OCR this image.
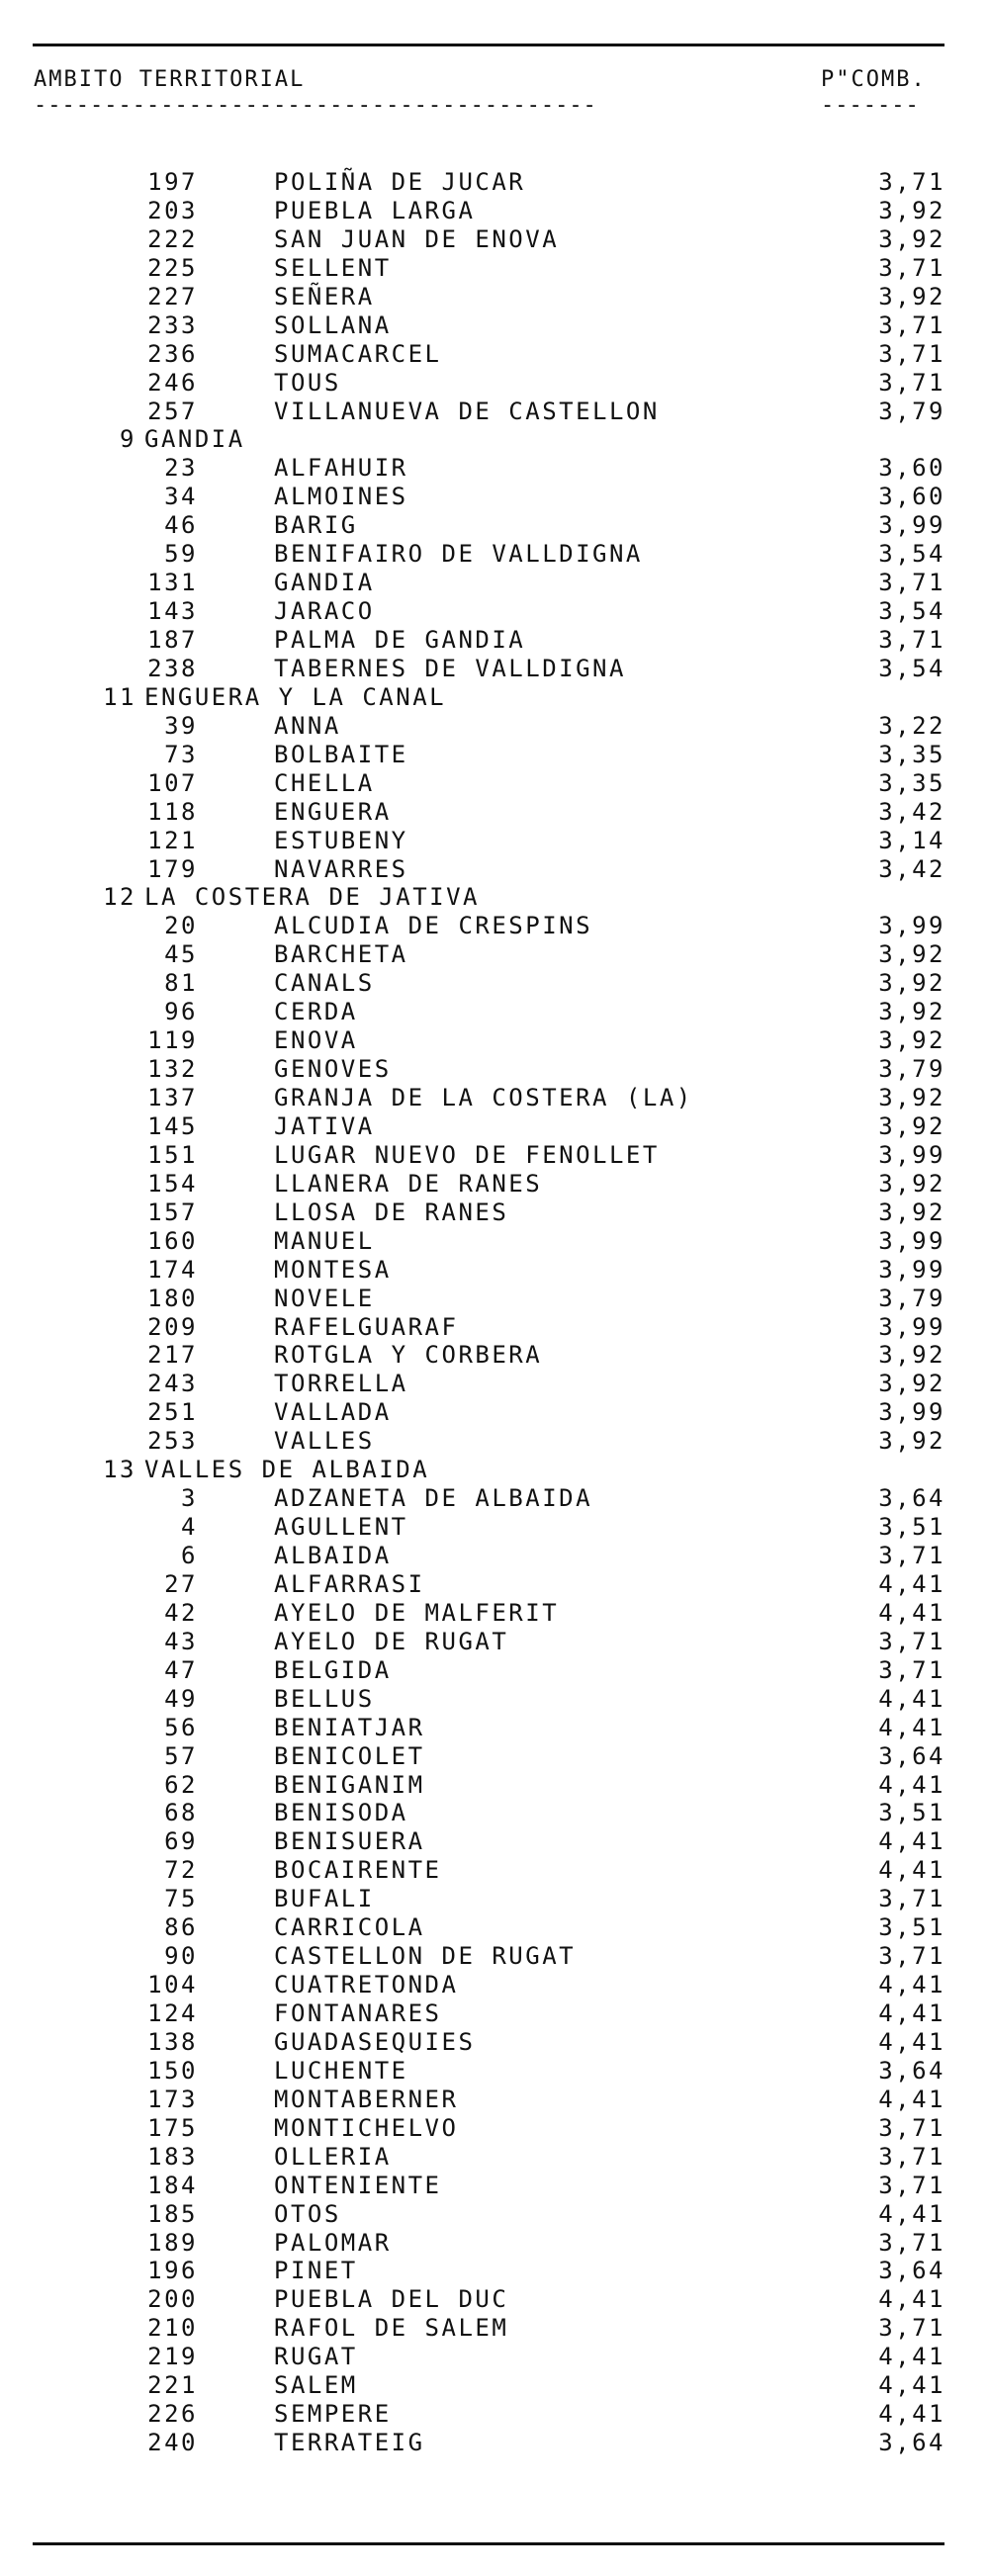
AMBITO TERRITORIAL	P"COMB.
----------------------------------------	-------
197	POLIÑA DE JUCAR	3,71
203	PUEBLA LARGA	3,92
222	SAN JUAN DE ENOVA	3,92
225	SELLENT	3,71
227	SEÑERA	3,92
233	SOLLANA	3,71
236	SUMACARCEL	3,71
246	TOUS	3,71
257	VILLANUEVA DE CASTELLON	3,79
9 GANDIA
23	ALFAHUIR	3,60
34	ALMOINES	3,60
46	BARIG	3,99
59	BENIFAIRO DE VALLDIGNA	3,54
131	GANDIA	3,71
143	JARACO	3,54
187	PALMA DE GANDIA	3,71
238	TABERNES DE VALLDIGNA	3,54
11 ENGUERA Y LA CANAL
39	ANNA	3,22
73	BOLBAITE	3,35
107	CHELLA	3,35
118	ENGUERA	3,42
121	ESTUBENY	3,14
179	NAVARRES	3,42
12 LA COSTERA DE JATIVA
20	ALCUDIA DE CRESPINS	3,99
45	BARCHETA	3,92
81	CANALS	3,92
96	CERDA	3,92
119	ENOVA	3,92
132	GENOVES	3,79
137	GRANJA DE LA COSTERA (LA)	3,92
145	JATIVA	3,92
151	LUGAR NUEVO DE FENOLLET	3,99
154	LLANERA DE RANES	3,92
157	LLOSA DE RANES	3,92
160	MANUEL	3,99
174	MONTESA	3,99
180	NOVELE	3,79
209	RAFELGUARAF	3,99
217	ROTGLA Y CORBERA	3,92
243	TORRELLA	3,92
251	VALLADA	3,99
253	VALLES	3,92
13 VALLES DE ALBAIDA
3	ADZANETA DE ALBAIDA	3,64
4	AGULLENT	3,51
6	ALBAIDA	3,71
27	ALFARRASI	4,41
42	AYELO DE MALFERIT	4,41
43	AYELO DE RUGAT	3,71
47	BELGIDA	3,71
49	BELLUS	4,41
56	BENIATJAR	4,41
57	BENICOLET	3,64
62	BENIGANIM	4,41
68	BENISODA	3,51
69	BENISUERA	4,41
72	BOCAIRENTE	4,41
75	BUFALI	3,71
86	CARRICOLA	3,51
90	CASTELLON DE RUGAT	3,71
104	CUATRETONDA	4,41
124	FONTANARES	4,41
138	GUADASEQUIES	4,41
150	LUCHENTE	3,64
173	MONTABERNER	4,41
175	MONTICHELVO	3,71
183	OLLERIA	3,71
184	ONTENIENTE	3,71
185	OTOS	4,41
189	PALOMAR	3,71
196	PINET	3,64
200	PUEBLA DEL DUC	4,41
210	RAFOL DE SALEM	3,71
219	RUGAT	4,41
221	SALEM	4,41
226	SEMPERE	4,41
240	TERRATEIG	3,64
